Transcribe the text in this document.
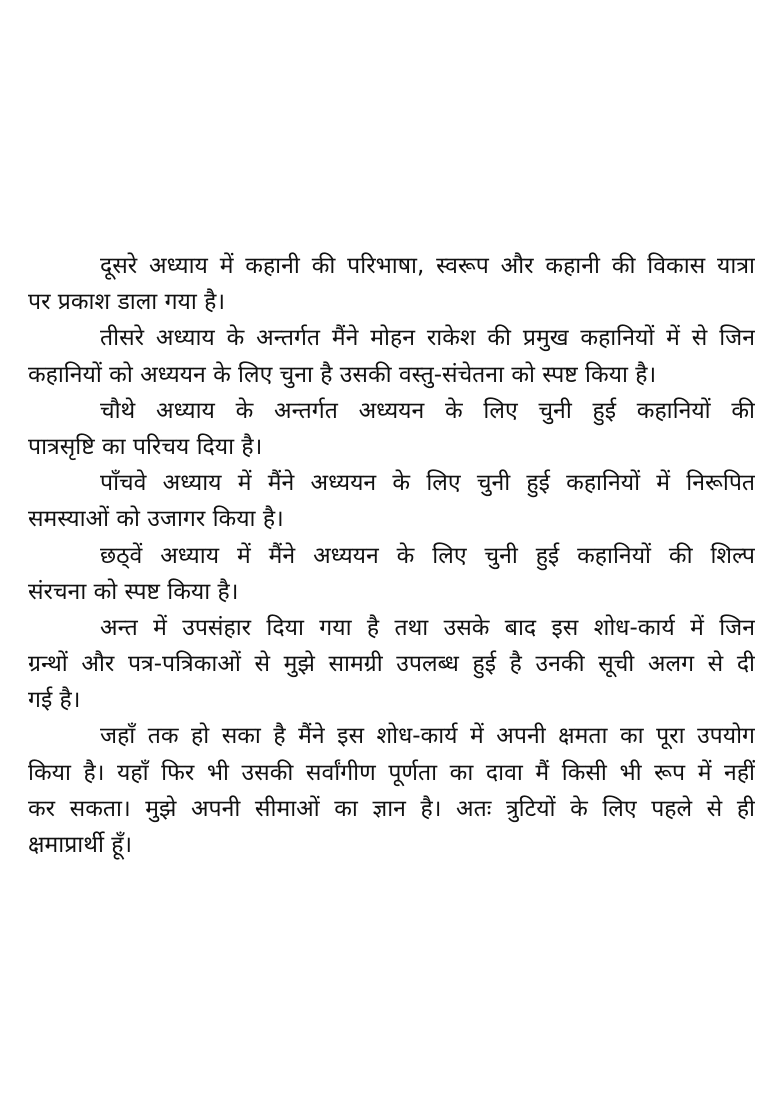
दूसरे अध्याय में कहानी की परिभाषा, स्वरूप और कहानी की विकास यात्रा
पर प्रकाश डाला गया है।
तीसरे अध्याय के अन्तर्गत मैंने मोहन राकेश की प्रमुख कहानियों में से जिन
कहानियों को अध्ययन के लिए चुना है उसकी वस्तु-संचेतना को स्पष्ट किया है।
चौथे अध्याय के अन्तर्गत अध्ययन के लिए चुनी हुई कहानियों की
पात्रसृष्टि का परिचय दिया है।
पाँचवे अध्याय में मैंने अध्ययन के लिए चुनी हुई कहानियों में निरूपित
समस्याओं को उजागर किया है।
छठ्वें अध्याय में मैंने अध्ययन के लिए चुनी हुई कहानियों की शिल्प
संरचना को स्पष्ट किया है।
अन्त में उपसंहार दिया गया है तथा उसके बाद इस शोध-कार्य में जिन
ग्रन्थों और पत्र-पत्रिकाओं से मुझे सामग्री उपलब्ध हुई है उनकी सूची अलग से दी
गई है।
जहाँ तक हो सका है मैंने इस शोध-कार्य में अपनी क्षमता का पूरा उपयोग
किया है। यहाँ फिर भी उसकी सर्वांगीण पूर्णता का दावा मैं किसी भी रूप में नहीं
कर सकता। मुझे अपनी सीमाओं का ज्ञान है। अतः त्रुटियों के लिए पहले से ही
क्षमाप्रार्थी हूँ।
